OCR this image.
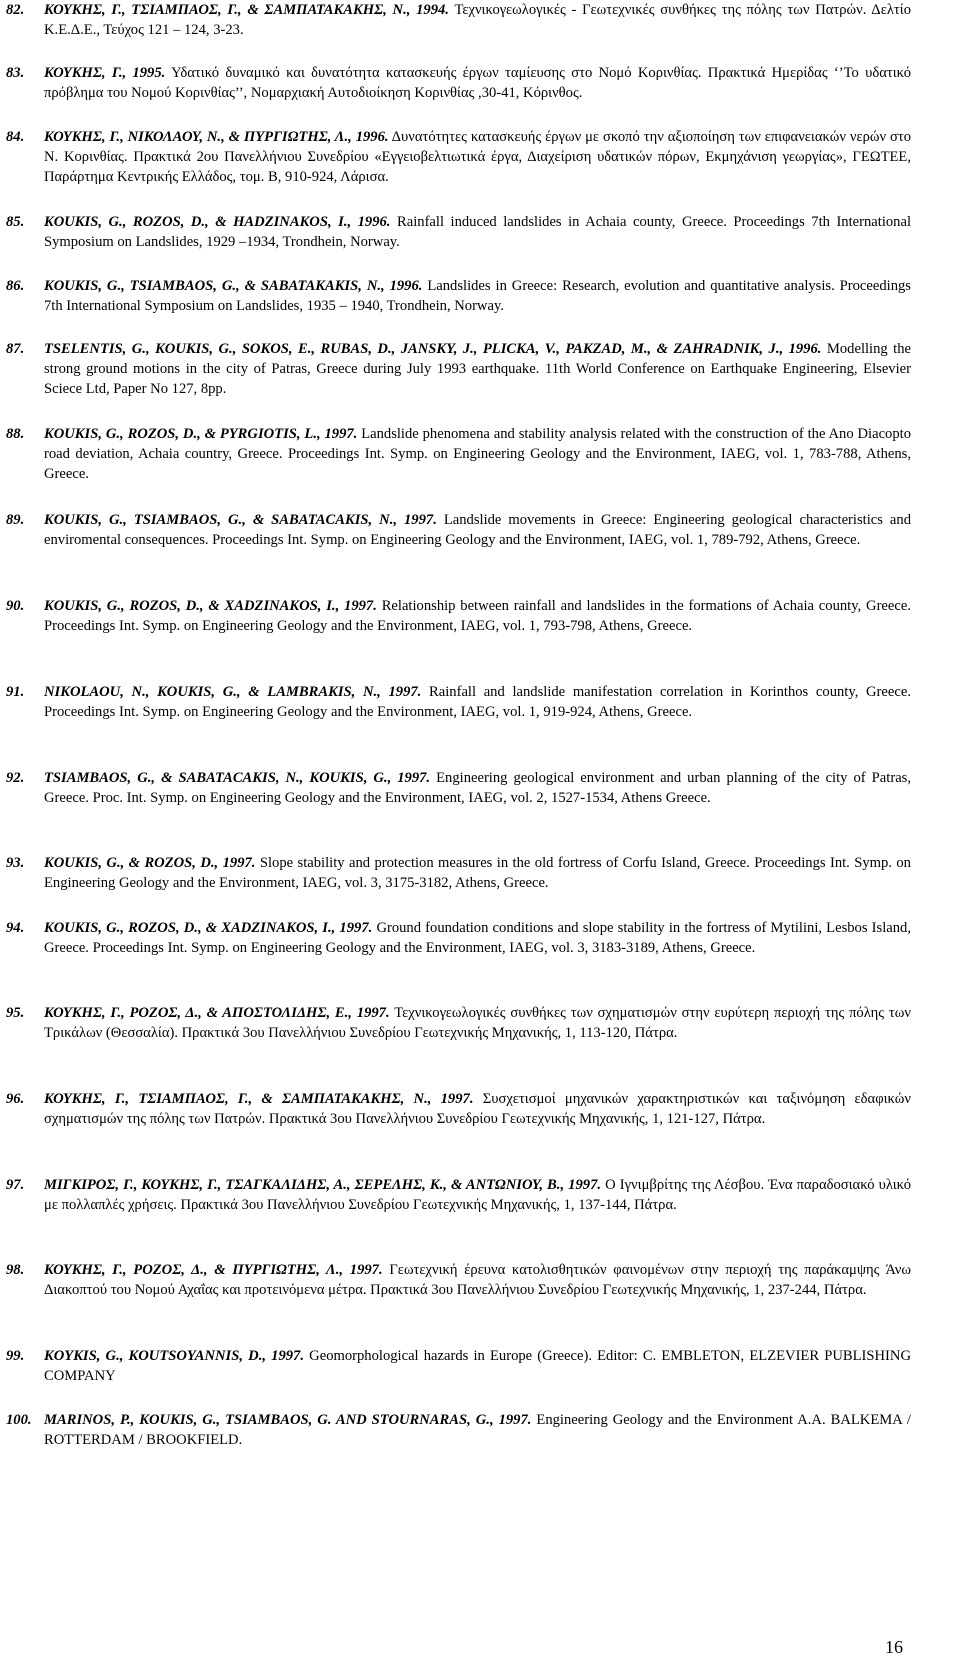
82. ΚΟΥΚΗΣ, Γ., ΤΣΙΑΜΠΑΟΣ, Γ., & ΣΑΜΠΑΤΑΚΑΚΗΣ, Ν., 1994. Τεχνικογεωλογικές - Γεωτεχνικές συνθήκες της πόλης των Πατρών. Δελτίο Κ.Ε.Δ.Ε., Τεύχος 121 – 124, 3-23.
83. ΚΟΥΚΗΣ, Γ., 1995. Υδατικό δυναμικό και δυνατότητα κατασκευής έργων ταμίευσης στο Νομό Κορινθίας. Πρακτικά Ημερίδας ‘’Το υδατικό πρόβλημα του Νομού Κορινθίας’’, Νομαρχιακή Αυτοδιοίκηση Κορινθίας ,30-41, Κόρινθος.
84. ΚΟΥΚΗΣ, Γ., ΝΙΚΟΛΑΟΥ, Ν., & ΠΥΡΓΙΩΤΗΣ, Λ., 1996. Δυνατότητες κατασκευής έργων με σκοπό την αξιοποίηση των επιφανειακών νερών στο Ν. Κορινθίας. Πρακτικά 2ου Πανελλήνιου Συνεδρίου «Εγγειοβελτιωτικά έργα, Διαχείριση υδατικών πόρων, Εκμηχάνιση γεωργίας», ΓΕΩΤΕΕ, Παράρτημα Κεντρικής Ελλάδος, τομ. Β, 910-924, Λάρισα.
85. KOUKIS, G., ROZOS, D., & HADZINAKOS, I., 1996. Rainfall induced landslides in Achaia county, Greece. Proceedings 7th International Symposium on Landslides, 1929 –1934, Trondhein, Norway.
86. KOUKIS, G., TSIAMBAOS, G., & SABATAKAKIS, N., 1996. Landslides in Greece: Research, evolution and quantitative analysis. Proceedings 7th International Symposium on Landslides, 1935 – 1940, Trondhein, Norway.
87. TSELENTIS, G., KOUKIS, G., SOKOS, E., RUBAS, D., JANSKY, J., PLICKA, V., PAKZAD, M., & ZAHRADNIK, J., 1996. Modelling the strong ground motions in the city of Patras, Greece during July 1993 earthquake. 11th World Conference on Earthquake Engineering, Elsevier Sciece Ltd, Paper No 127, 8pp.
88. KOUKIS, G., ROZOS, D., & PYRGIOTIS, L., 1997. Landslide phenomena and stability analysis related with the construction of the Ano Diacopto road deviation, Achaia country, Greece. Proceedings Int. Symp. on Engineering Geology and the Environment, IAEG, vol. 1, 783-788, Athens, Greece.
89. KOUKIS, G., TSIAMBAOS, G., & SABATACAKIS, N., 1997. Landslide movements in Greece: Engineering geological characteristics and enviromental consequences. Proceedings Int. Symp. on Engineering Geology and the Environment, IAEG, vol. 1, 789-792, Athens, Greece.
90. KOUKIS, G., ROZOS, D., & XADZINAKOS, I., 1997. Relationship between rainfall and landslides in the formations of Achaia county, Greece. Proceedings Int. Symp. on Engineering Geology and the Environment, IAEG, vol. 1, 793-798, Athens, Greece.
91. NIKOLAOU, N., KOUKIS, G., & LAMBRAKIS, N., 1997. Rainfall and landslide manifestation correlation in Korinthos county, Greece. Proceedings Int. Symp. on Engineering Geology and the Environment, IAEG, vol. 1, 919-924, Athens, Greece.
92. TSIAMBAOS, G., & SABATACAKIS, N., KOUKIS, G., 1997. Engineering geological environment and urban planning of the city of Patras, Greece. Proc. Int. Symp. on Engineering Geology and the Environment, IAEG, vol. 2, 1527-1534, Athens Greece.
93. KOUKIS, G., & ROZOS, D., 1997. Slope stability and protection measures in the old fortress of Corfu Island, Greece. Proceedings Int. Symp. on Engineering Geology and the Environment, IAEG, vol. 3, 3175-3182, Athens, Greece.
94. KOUKIS, G., ROZOS, D., & XADZINAKOS, I., 1997. Ground foundation conditions and slope stability in the fortress of Mytilini, Lesbos Island, Greece. Proceedings Int. Symp. on Engineering Geology and the Environment, IAEG, vol. 3, 3183-3189, Athens, Greece.
95. ΚΟΥΚΗΣ, Γ., ΡΟΖΟΣ, Δ., & ΑΠΟΣΤΟΛΙΔΗΣ, Ε., 1997. Τεχνικογεωλογικές συνθήκες των σχηματισμών στην ευρύτερη περιοχή της πόλης των Τρικάλων (Θεσσαλία). Πρακτικά 3ου Πανελλήνιου Συνεδρίου Γεωτεχνικής Μηχανικής, 1, 113-120, Πάτρα.
96. ΚΟΥΚΗΣ, Γ., ΤΣΙΑΜΠΑΟΣ, Γ., & ΣΑΜΠΑΤΑΚΑΚΗΣ, Ν., 1997. Συσχετισμοί μηχανικών χαρακτηριστικών και ταξινόμηση εδαφικών σχηματισμών της πόλης των Πατρών. Πρακτικά 3ου Πανελλήνιου Συνεδρίου Γεωτεχνικής Μηχανικής, 1, 121-127, Πάτρα.
97. ΜΙΓΚΙΡΟΣ, Γ., ΚΟΥΚΗΣ, Γ., ΤΣΑΓΚΑΛΙΔΗΣ, Α., ΣΕΡΕΛΗΣ, Κ., & ΑΝΤΩΝΙΟΥ, Β., 1997. Ο Ιγνιμβρίτης της Λέσβου. Ένα παραδοσιακό υλικό με πολλαπλές χρήσεις. Πρακτικά 3ου Πανελλήνιου Συνεδρίου Γεωτεχνικής Μηχανικής, 1, 137-144, Πάτρα.
98. ΚΟΥΚΗΣ, Γ., ΡΟΖΟΣ, Δ., & ΠΥΡΓΙΩΤΗΣ, Λ., 1997. Γεωτεχνική έρευνα κατολισθητικών φαινομένων στην περιοχή της παράκαμψης Άνω Διακοπτού του Νομού Αχαΐας και προτεινόμενα μέτρα. Πρακτικά 3ου Πανελλήνιου Συνεδρίου Γεωτεχνικής Μηχανικής, 1, 237-244, Πάτρα.
99. KOYKIS, G., KOUTSOYANNIS, D., 1997. Geomorphological hazards in Europe (Greece). Editor: C. EMBLETON, ELZEVIER PUBLISHING COMPANY
100. MARINOS, P., KOUKIS, G., TSIAMBAOS, G. AND STOURNARAS, G., 1997. Engineering Geology and the Environment A.A. BALKEMA / ROTTERDAM / BROOKFIELD.
16
